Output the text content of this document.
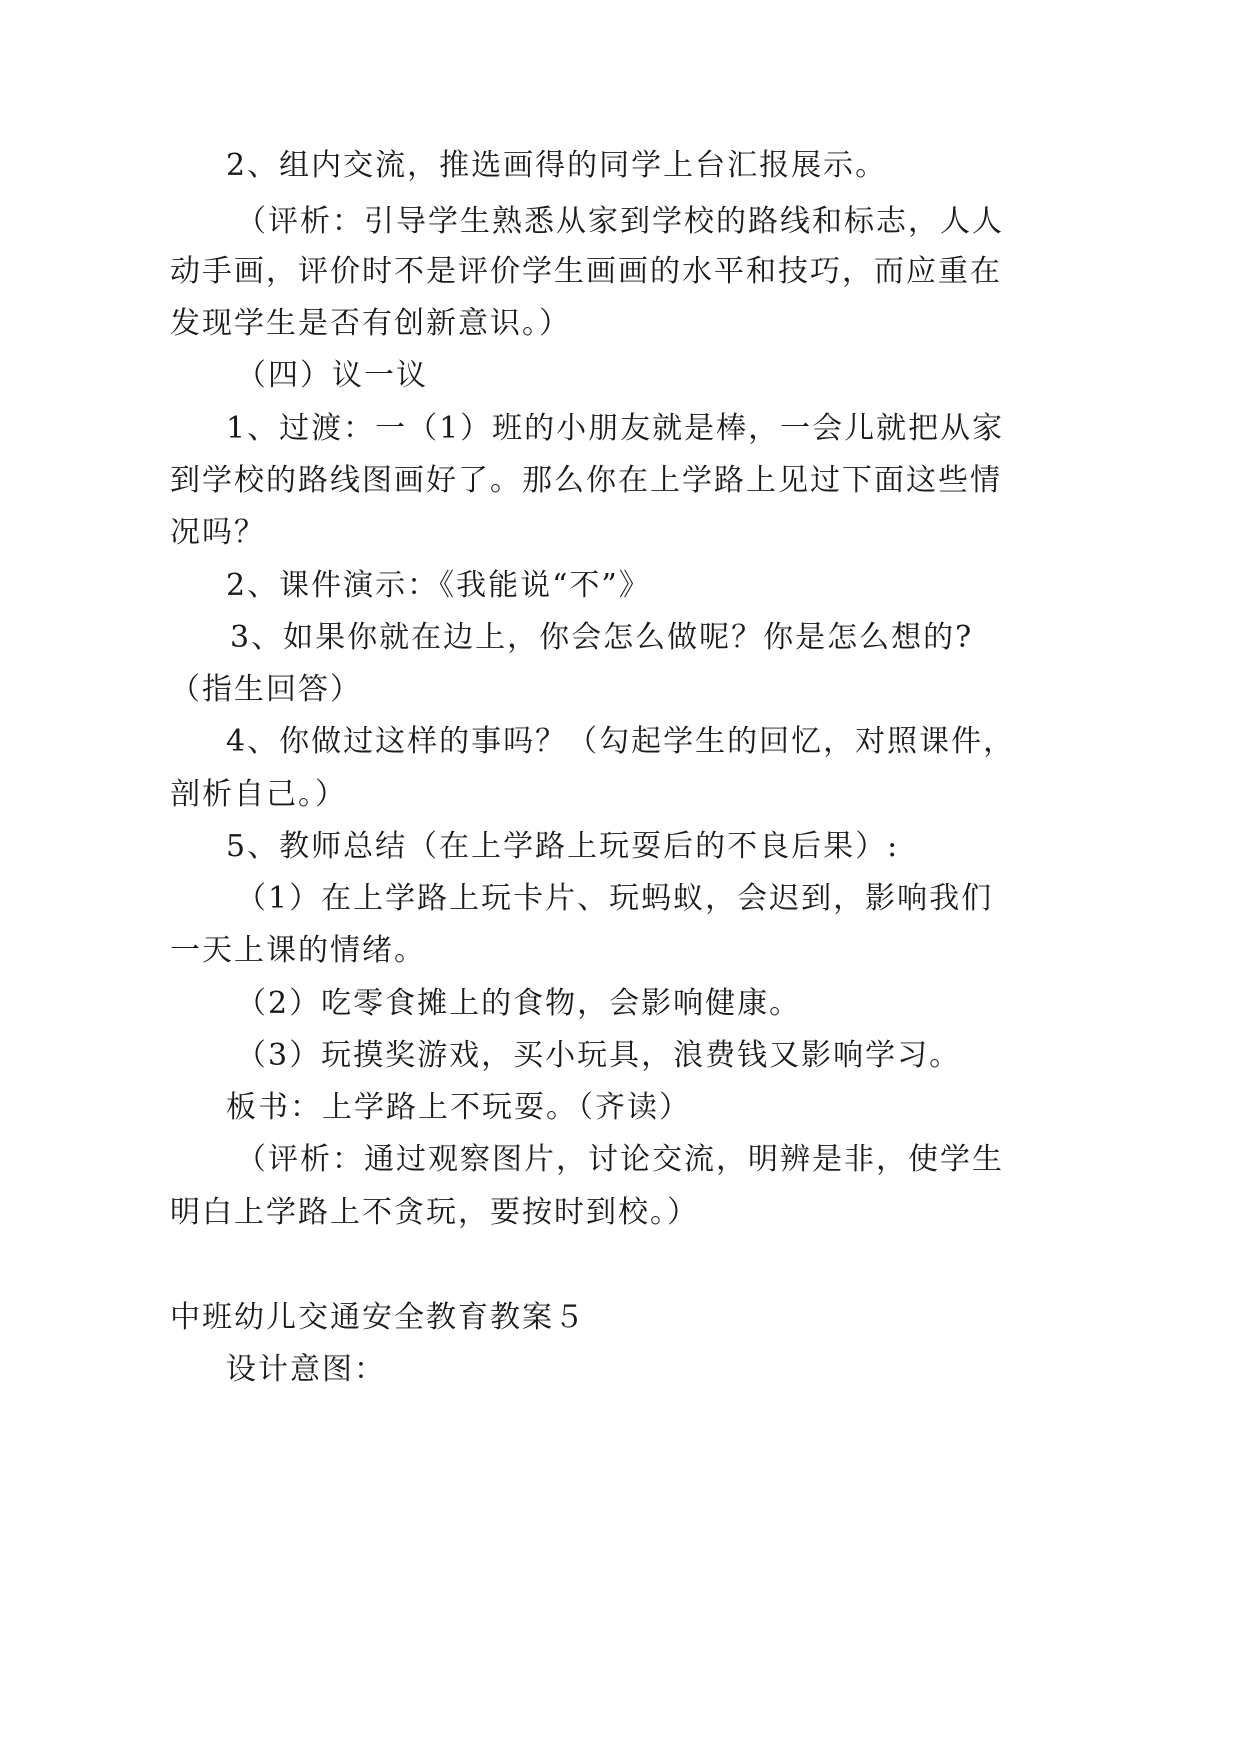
2、组内交流，推选画得的同学上台汇报展示。
（评析：引导学生熟悉从家到学校的路线和标志，人人
动手画，评价时不是评价学生画画的水平和技巧，而应重在
发现学生是否有创新意识。）
（四）议一议
1、过渡：一（1）班的小朋友就是棒，一会儿就把从家
到学校的路线图画好了。那么你在上学路上见过下面这些情
况吗？
2、课件演示：《我能说“不”》
3、如果你就在边上，你会怎么做呢？你是怎么想的?
（指生回答）
4、你做过这样的事吗？（勾起学生的回忆，对照课件，
剖析自己。）
5、教师总结（在上学路上玩耍后的不良后果）:
（1）在上学路上玩卡片、玩蚂蚁，会迟到，影响我们
一天上课的情绪。
（2）吃零食摊上的食物，会影响健康。
（3）玩摸奖游戏，买小玩具，浪费钱又影响学习。
板书：上学路上不玩耍。（齐读）
（评析：通过观察图片，讨论交流，明辨是非，使学生
明白上学路上不贪玩，要按时到校。）
中班幼儿交通安全教育教案５
设计意图：
